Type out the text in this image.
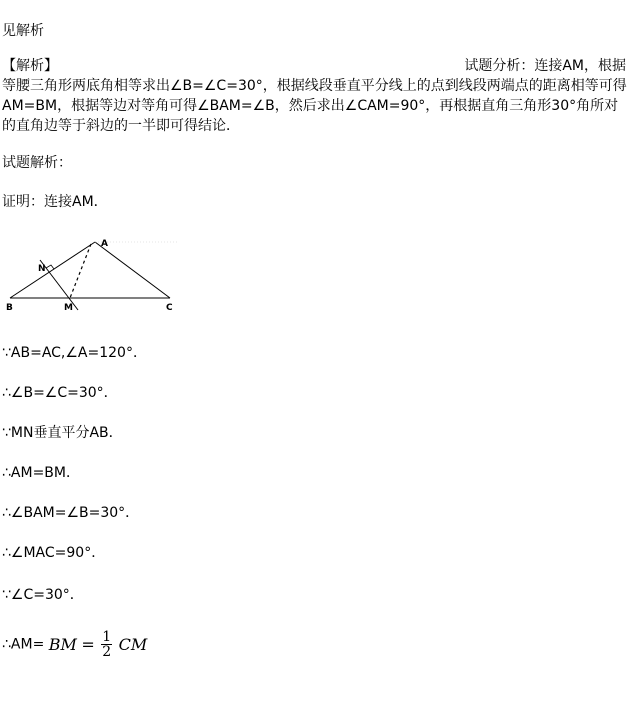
见解析
【解析】	试题分析：连接AM，根据

等腰三角形两底角相等求出∠B=∠C=30°，根据线段垂直平分线上的点到线段两端点的距离相等可得AM=BM，根据等边对等角可得∠BAM=∠B，然后求出∠CAM=90°，再根据直角三角形30°角所对的直角边等于斜边的一半即可得结论．
试题解析：
证明：连接AM．
A
B	C
M
N
∵AB=AC,∠A=120°．
∴∠B=∠C=30°．
∵MN垂直平分AB．
∴AM=BM．
∴∠BAM=∠B=30°．
∴∠MAC=90°．
∵∠C=30°．
∴AM= BM = $\frac{1}{2}$ CM
